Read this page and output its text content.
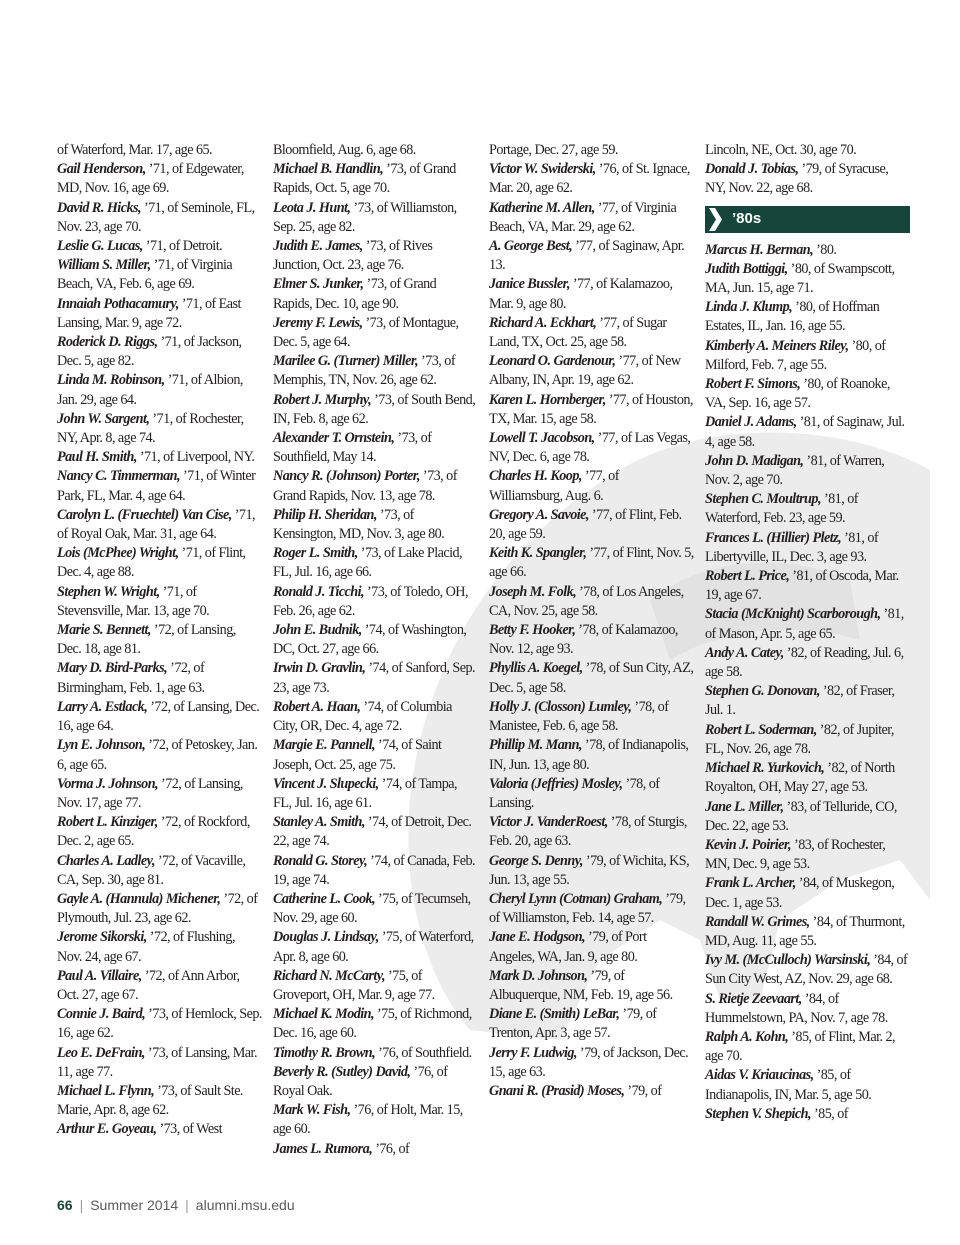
of Waterford, Mar. 17, age 65.
Gail Henderson, ’71, of Edgewater, MD, Nov. 16, age 69.
David R. Hicks, ’71, of Seminole, FL, Nov. 23, age 70.
Leslie G. Lucas, ’71, of Detroit.
William S. Miller, ’71, of Virginia Beach, VA, Feb. 6, age 69.
Innaiah Pothacamury, ’71, of East Lansing, Mar. 9, age 72.
Roderick D. Riggs, ’71, of Jackson, Dec. 5, age 82.
Linda M. Robinson, ’71, of Albion, Jan. 29, age 64.
John W. Sargent, ’71, of Rochester, NY, Apr. 8, age 74.
Paul H. Smith, ’71, of Liverpool, NY.
Nancy C. Timmerman, ’71, of Winter Park, FL, Mar. 4, age 64.
Carolyn L. (Fruechtel) Van Cise, ’71, of Royal Oak, Mar. 31, age 64.
Lois (McPhee) Wright, ’71, of Flint, Dec. 4, age 88.
Stephen W. Wright, ’71, of Stevensville, Mar. 13, age 70.
Marie S. Bennett, ’72, of Lansing, Dec. 18, age 81.
Mary D. Bird-Parks, ’72, of Birmingham, Feb. 1, age 63.
Larry A. Estlack, ’72, of Lansing, Dec. 16, age 64.
Lyn E. Johnson, ’72, of Petoskey, Jan. 6, age 65.
Vorma J. Johnson, ’72, of Lansing, Nov. 17, age 77.
Robert L. Kinziger, ’72, of Rockford, Dec. 2, age 65.
Charles A. Ladley, ’72, of Vacaville, CA, Sep. 30, age 81.
Gayle A. (Hannula) Michener, ’72, of Plymouth, Jul. 23, age 62.
Jerome Sikorski, ’72, of Flushing, Nov. 24, age 67.
Paul A. Villaire, ’72, of Ann Arbor, Oct. 27, age 67.
Connie J. Baird, ’73, of Hemlock, Sep. 16, age 62.
Leo E. DeFrain, ’73, of Lansing, Mar. 11, age 77.
Michael L. Flynn, ’73, of Sault Ste. Marie, Apr. 8, age 62.
Arthur E. Goyeau, ’73, of West
Bloomfield, Aug. 6, age 68.
Michael B. Handlin, ’73, of Grand Rapids, Oct. 5, age 70.
Leota J. Hunt, ’73, of Williamston, Sep. 25, age 82.
Judith E. James, ’73, of Rives Junction, Oct. 23, age 76.
Elmer S. Junker, ’73, of Grand Rapids, Dec. 10, age 90.
Jeremy F. Lewis, ’73, of Montague, Dec. 5, age 64.
Marilee G. (Turner) Miller, ’73, of Memphis, TN, Nov. 26, age 62.
Robert J. Murphy, ’73, of South Bend, IN, Feb. 8, age 62.
Alexander T. Ornstein, ’73, of Southfield, May 14.
Nancy R. (Johnson) Porter, ’73, of Grand Rapids, Nov. 13, age 78.
Philip H. Sheridan, ’73, of Kensington, MD, Nov. 3, age 80.
Roger L. Smith, ’73, of Lake Placid, FL, Jul. 16, age 66.
Ronald J. Ticchi, ’73, of Toledo, OH, Feb. 26, age 62.
John E. Budnik, ’74, of Washington, DC, Oct. 27, age 66.
Irwin D. Gravlin, ’74, of Sanford, Sep. 23, age 73.
Robert A. Haan, ’74, of Columbia City, OR, Dec. 4, age 72.
Margie E. Pannell, ’74, of Saint Joseph, Oct. 25, age 75.
Vincent J. Slupecki, ’74, of Tampa, FL, Jul. 16, age 61.
Stanley A. Smith, ’74, of Detroit, Dec. 22, age 74.
Ronald G. Storey, ’74, of Canada, Feb. 19, age 74.
Catherine L. Cook, ’75, of Tecumseh, Nov. 29, age 60.
Douglas J. Lindsay, ’75, of Waterford, Apr. 8, age 60.
Richard N. McCarty, ’75, of Groveport, OH, Mar. 9, age 77.
Michael K. Modin, ’75, of Richmond, Dec. 16, age 60.
Timothy R. Brown, ’76, of Southfield.
Beverly R. (Sutley) David, ’76, of Royal Oak.
Mark W. Fish, ’76, of Holt, Mar. 15, age 60.
James L. Rumora, ’76, of
Portage, Dec. 27, age 59.
Victor W. Swiderski, ’76, of St. Ignace, Mar. 20, age 62.
Katherine M. Allen, ’77, of Virginia Beach, VA, Mar. 29, age 62.
A. George Best, ’77, of Saginaw, Apr. 13.
Janice Bussler, ’77, of Kalamazoo, Mar. 9, age 80.
Richard A. Eckhart, ’77, of Sugar Land, TX, Oct. 25, age 58.
Leonard O. Gardenour, ’77, of New Albany, IN, Apr. 19, age 62.
Karen L. Hornberger, ’77, of Houston, TX, Mar. 15, age 58.
Lowell T. Jacobson, ’77, of Las Vegas, NV, Dec. 6, age 78.
Charles H. Koop, ’77, of Williamsburg, Aug. 6.
Gregory A. Savoie, ’77, of Flint, Feb. 20, age 59.
Keith K. Spangler, ’77, of Flint, Nov. 5, age 66.
Joseph M. Folk, ’78, of Los Angeles, CA, Nov. 25, age 58.
Betty F. Hooker, ’78, of Kalamazoo, Nov. 12, age 93.
Phyllis A. Koegel, ’78, of Sun City, AZ, Dec. 5, age 58.
Holly J. (Closson) Lumley, ’78, of Manistee, Feb. 6, age 58.
Phillip M. Mann, ’78, of Indianapolis, IN, Jun. 13, age 80.
Valoria (Jeffries) Mosley, ’78, of Lansing.
Victor J. VanderRoest, ’78, of Sturgis, Feb. 20, age 63.
George S. Denny, ’79, of Wichita, KS, Jun. 13, age 55.
Cheryl Lynn (Cotman) Graham, ’79, of Williamston, Feb. 14, age 57.
Jane E. Hodgson, ’79, of Port Angeles, WA, Jan. 9, age 80.
Mark D. Johnson, ’79, of Albuquerque, NM, Feb. 19, age 56.
Diane E. (Smith) LeBar, ’79, of Trenton, Apr. 3, age 57.
Jerry F. Ludwig, ’79, of Jackson, Dec. 15, age 63.
Gnani R. (Prasid) Moses, ’79, of
Lincoln, NE, Oct. 30, age 70.
Donald J. Tobias, ’79, of Syracuse, NY, Nov. 22, age 68.
’80s
Marcus H. Berman, ’80.
Judith Bottiggi, ’80, of Swampscott, MA, Jun. 15, age 71.
Linda J. Klump, ’80, of Hoffman Estates, IL, Jan. 16, age 55.
Kimberly A. Meiners Riley, ’80, of Milford, Feb. 7, age 55.
Robert F. Simons, ’80, of Roanoke, VA, Sep. 16, age 57.
Daniel J. Adams, ’81, of Saginaw, Jul. 4, age 58.
John D. Madigan, ’81, of Warren, Nov. 2, age 70.
Stephen C. Moultrup, ’81, of Waterford, Feb. 23, age 59.
Frances L. (Hillier) Pletz, ’81, of Libertyville, IL, Dec. 3, age 93.
Robert L. Price, ’81, of Oscoda, Mar. 19, age 67.
Stacia (McKnight) Scarborough, ’81, of Mason, Apr. 5, age 65.
Andy A. Catey, ’82, of Reading, Jul. 6, age 58.
Stephen G. Donovan, ’82, of Fraser, Jul. 1.
Robert L. Soderman, ’82, of Jupiter, FL, Nov. 26, age 78.
Michael R. Yurkovich, ’82, of North Royalton, OH, May 27, age 53.
Jane L. Miller, ’83, of Telluride, CO, Dec. 22, age 53.
Kevin J. Poirier, ’83, of Rochester, MN, Dec. 9, age 53.
Frank L. Archer, ’84, of Muskegon, Dec. 1, age 53.
Randall W. Grimes, ’84, of Thurmont, MD, Aug. 11, age 55.
Ivy M. (McCulloch) Warsinski, ’84, of Sun City West, AZ, Nov. 29, age 68.
S. Rietje Zeevaart, ’84, of Hummelstown, PA, Nov. 7, age 78.
Ralph A. Kohn, ’85, of Flint, Mar. 2, age 70.
Aidas V. Kriaucinas, ’85, of Indianapolis, IN, Mar. 5, age 50.
Stephen V. Shepich, ’85, of
66 | Summer 2014 | alumni.msu.edu
